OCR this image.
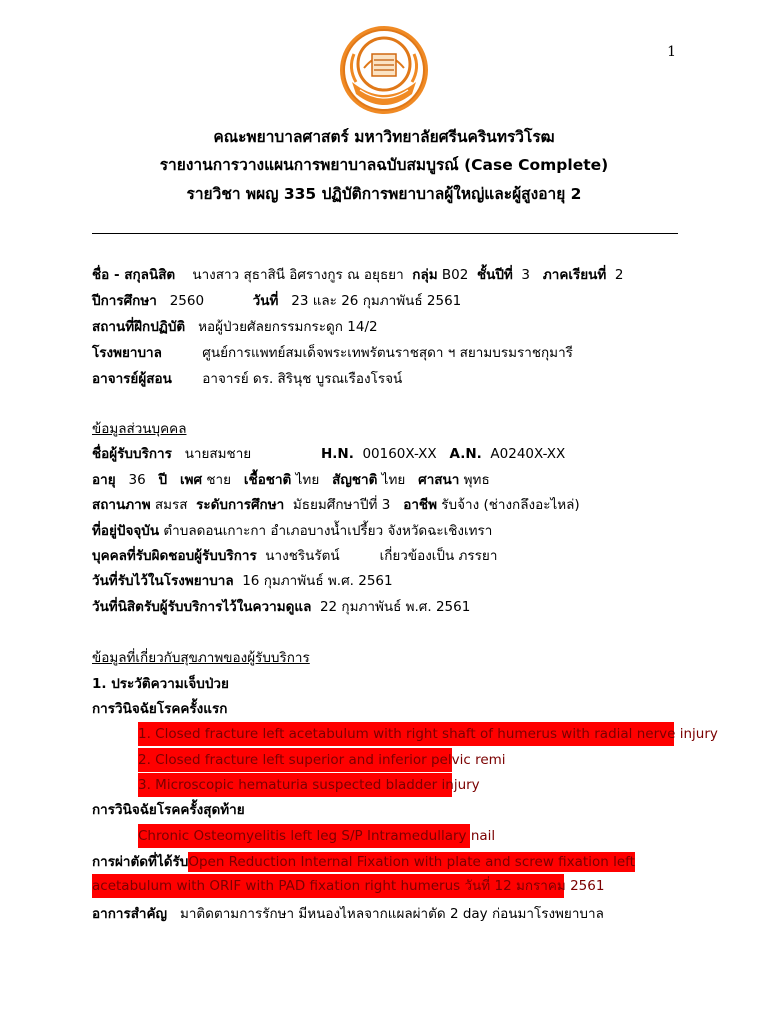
1
คณะพยาบาลศาสตร์ มหาวิทยาลัยศรีนครินทรวิโรฒ
รายงานการวางแผนการพยาบาลฉบับสมบูรณ์ (Case Complete)
รายวิชา พผญ 335 ปฏิบัติการพยาบาลผู้ใหญ่และผู้สูงอายุ 2
ชื่อ - สกุลนิสิต นางสาว สุธาสินี อิศรางกูร ณ อยุธยา กลุ่ม B02 ชั้นปีที่ 3 ภาคเรียนที่ 2
ปีการศึกษา 2560	วันที่ 23 และ 26 กุมภาพันธ์ 2561
สถานที่ฝึกปฏิบัติ หอผู้ป่วยศัลยกรรมกระดูก 14/2
โรงพยาบาล	ศูนย์การแพทย์สมเด็จพระเทพรัตนราชสุดา ฯ สยามบรมราชกุมารี
อาจารย์ผู้สอน อาจารย์ ดร. สิรินุช บูรณเรืองโรจน์
ข้อมูลส่วนบุคคล
ชื่อผู้รับบริการ นายสมชาย	H.N. 00160X-XX A.N. A0240X-XX
อายุ 36 ปี เพศ ชาย เชื้อชาติ ไทย สัญชาติ ไทย ศาสนา พุทธ
สถานภาพ สมรส ระดับการศึกษา มัธยมศึกษาปีที่ 3 อาชีพ รับจ้าง (ช่างกลึงอะไหล่)
ที่อยู่ปัจจุบัน ตำบลดอนเกาะกา อำเภอบางน้ำเปรี้ยว จังหวัดฉะเชิงเทรา
บุคคลที่รับผิดชอบผู้รับบริการ นางชรินรัตน์	เกี่ยวข้องเป็น ภรรยา
วันที่รับไว้ในโรงพยาบาล 16 กุมภาพันธ์ พ.ศ. 2561
วันที่นิสิตรับผู้รับบริการไว้ในความดูแล 22 กุมภาพันธ์ พ.ศ. 2561
ข้อมูลที่เกี่ยวกับสุขภาพของผู้รับบริการ
1. ประวัติความเจ็บป่วย
การวินิจฉัยโรคครั้งแรก
1. Closed fracture left acetabulum with right shaft of humerus with radial nerve injury
2. Closed fracture left superior and inferior pelvic remi
3. Microscopic hematuria suspected bladder injury
การวินิจฉัยโรคครั้งสุดท้าย
Chronic Osteomyelitis left leg S/P Intramedullary nail
การผ่าตัดที่ได้รับOpen Reduction Internal Fixation with plate and screw fixation left
acetabulum with ORIF with PAD fixation right humerus วันที่ 12 มกราคม 2561
อาการสำคัญ มาติดตามการรักษา มีหนองไหลจากแผลผ่าตัด 2 day ก่อนมาโรงพยาบาล
